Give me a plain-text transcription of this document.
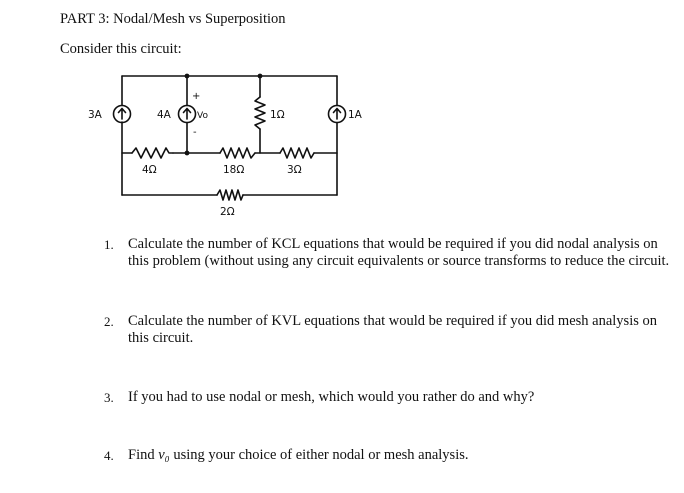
PART 3: Nodal/Mesh vs Superposition
Consider this circuit:
3A	4A	Vo
+
-
1Ω	1A
4Ω	18Ω	3Ω
2Ω
1. Calculate the number of KCL equations that would be required if you did nodal analysis on this problem (without using any circuit equivalents or source transforms to reduce the circuit.
2. Calculate the number of KVL equations that would be required if you did mesh analysis on this circuit.
3. If you had to use nodal or mesh, which would you rather do and why?
4. Find v₀ using your choice of either nodal or mesh analysis.
